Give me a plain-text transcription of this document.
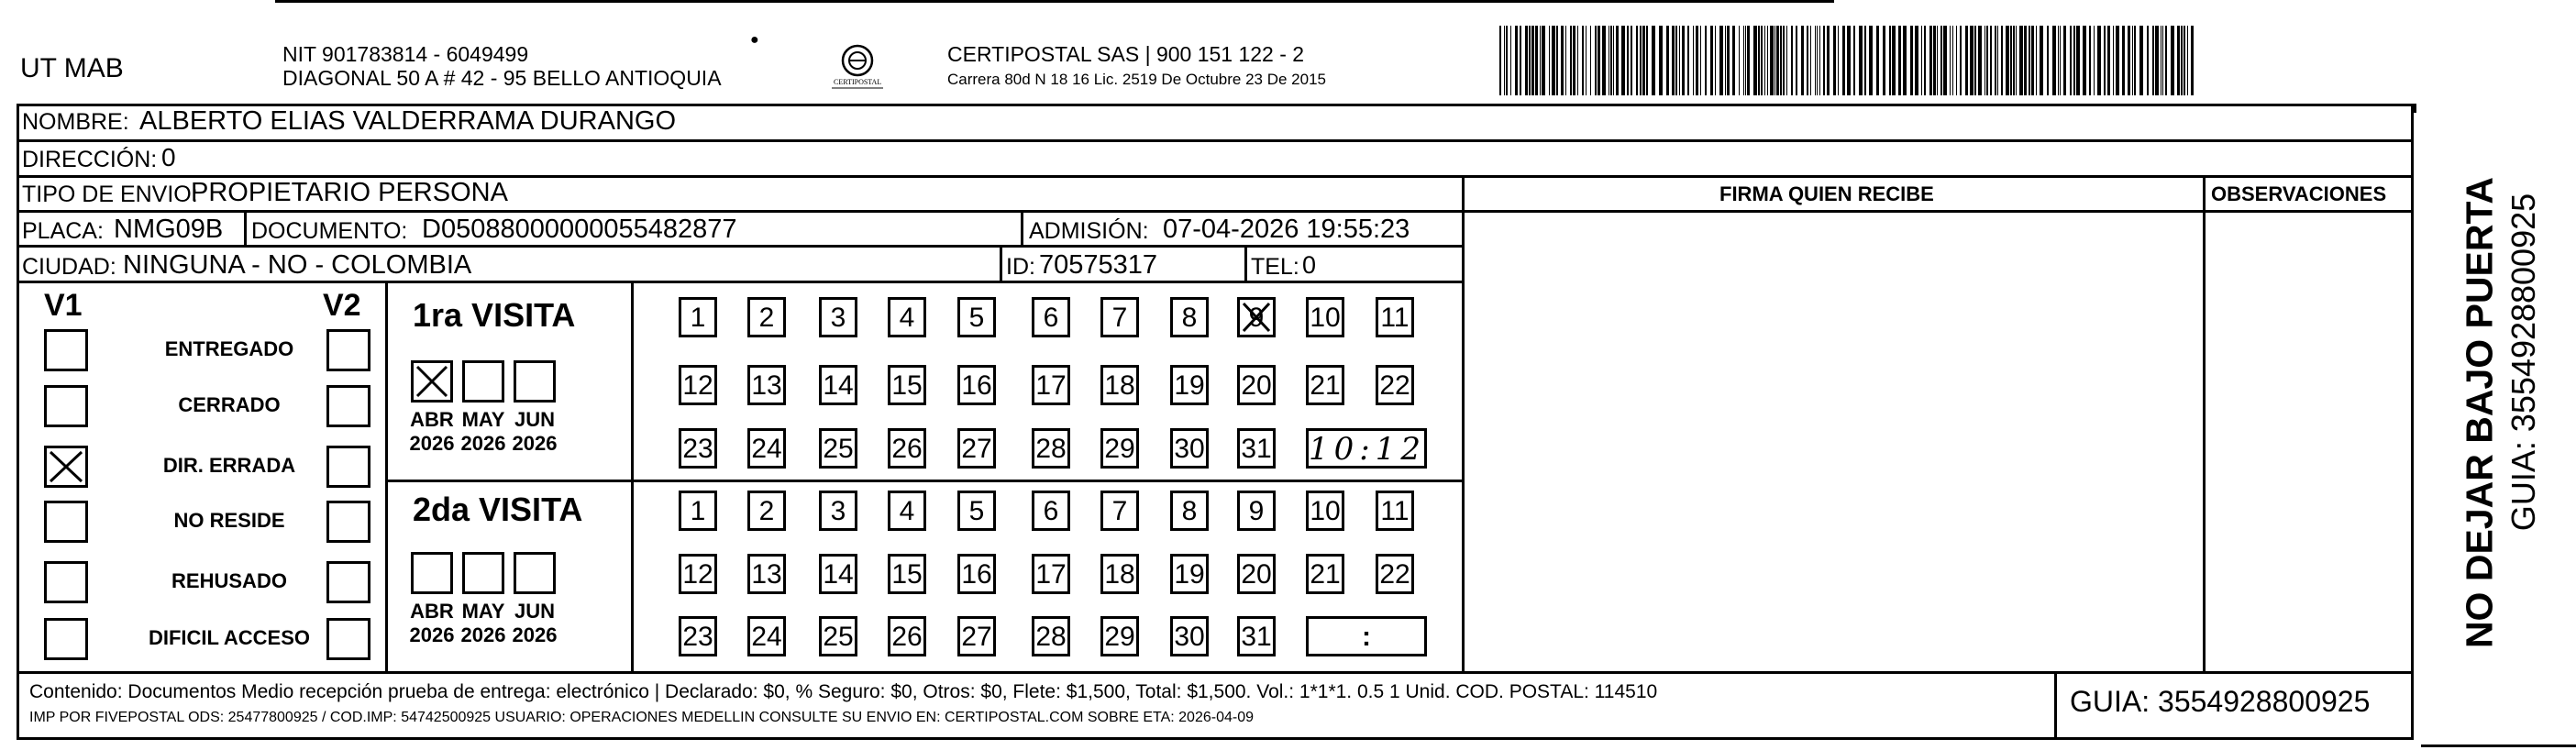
UT MAB	NIT 901783814 - 6049499
DIAGONAL 50 A # 42 - 95 BELLO ANTIOQUIA
●
CERTIPOSTAL
CERTIPOSTAL SAS | 900 151 122 - 2
Carrera 80d N 18 16 Lic. 2519 De Octubre 23 De 2015
NOMBRE: ALBERTO ELIAS VALDERRAMA DURANGO
DIRECCIÓN: 0
TIPO DE ENVIO:
PROPIETARIO PERSONA	FIRMA QUIEN RECIBE	OBSERVACIONES
PLACA: NMG09B DOCUMENTO: D05088000000055482877	ADMISIÓN: 07-04-2026 19:55:23
CIUDAD: NINGUNA - NO - COLOMBIA	ID: 70575317	TEL: 0
V1	V2 1ra VISITA
2da VISITA
Contenido: Documentos Medio recepción prueba de entrega: electrónico | Declarado: $0, % Seguro: $0, Otros: $0, Flete: $1,500, Total: $1,500. Vol.: 1*1*1. 0.5 1 Unid. COD. POSTAL: 114510
IMP POR FIVEPOSTAL ODS: 25477800925 / COD.IMP: 54742500925 USUARIO: OPERACIONES MEDELLIN CONSULTE SU ENVIO EN: CERTIPOSTAL.COM SOBRE ETA: 2026-04-09	GUIA: 3554928800925
NO DEJAR BAJO PUERTA GUIA: 3554928800925
ENTREGADO
CERRADO
DIR. ERRADA
NO RESIDE
REHUSADO
DIFICIL ACCESO
ABR
2026
MAY
2026
JUN
2026
ABR
2026
MAY
2026
JUN
2026
1	2	3	4	5	6	7	8	9	10 11
12 13 14 15 16 17 18 19 20 21 22
23 24 25 26 27 28 29 30 31 10:12
1	2	3	4	5	6	7	8	9	10 11
12 13 14 15 16 17 18 19 20 21 22
23 24 25 26 27 28 29 30 31	:
